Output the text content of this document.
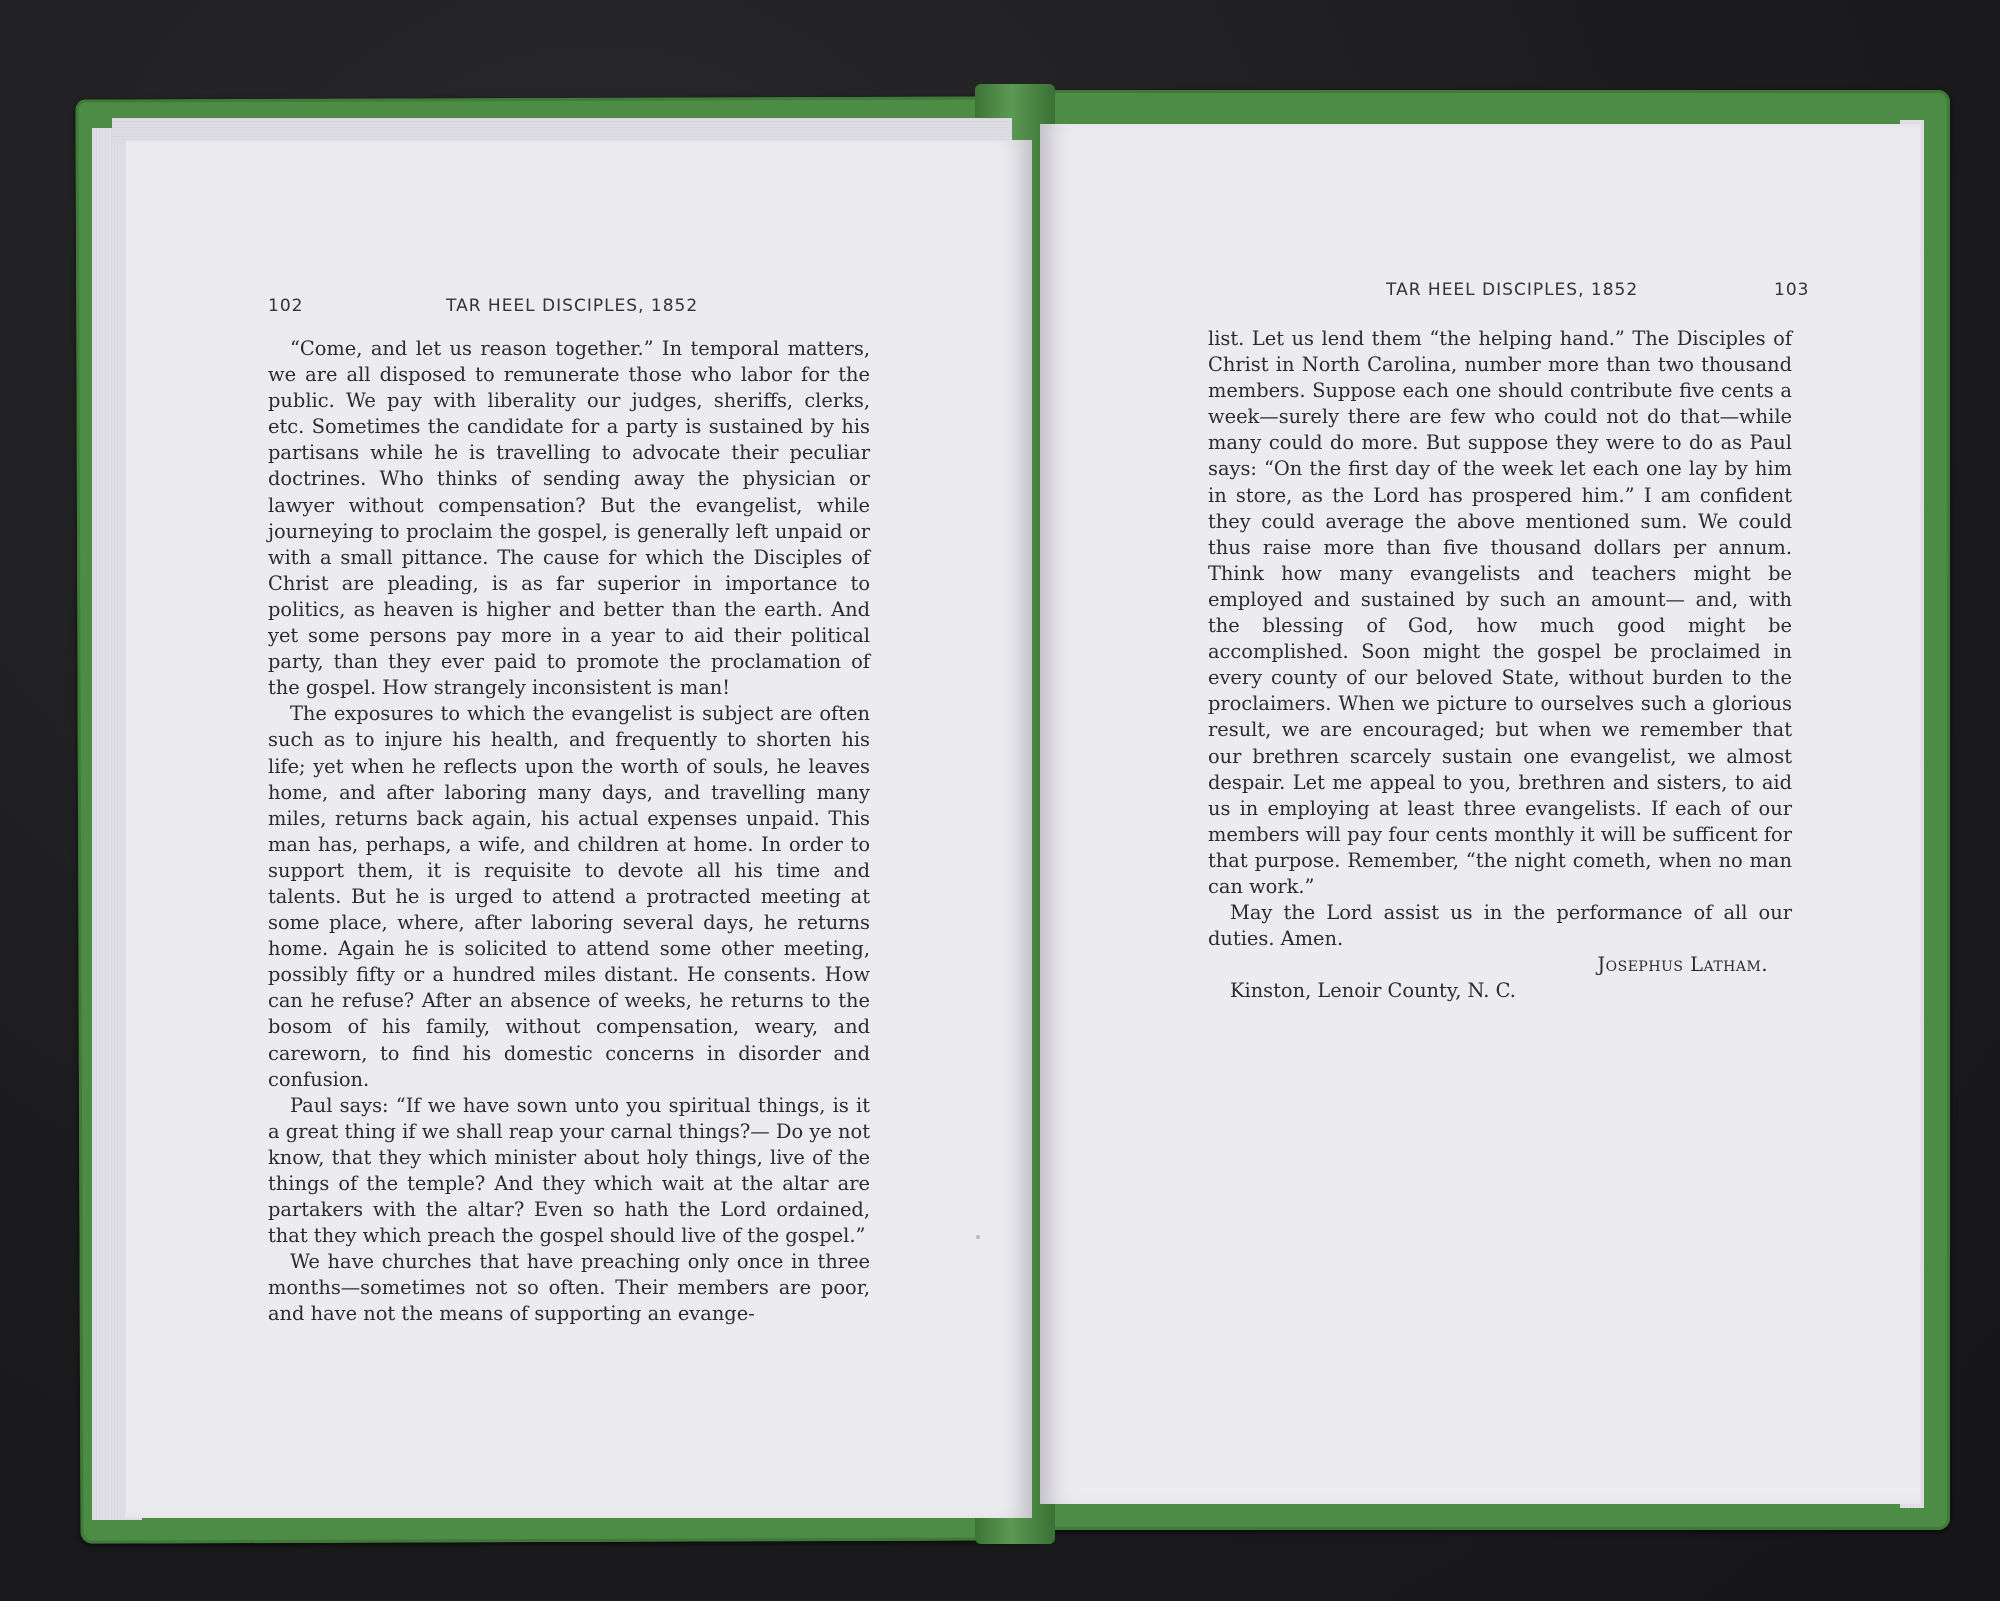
102	TAR HEEL DISCIPLES, 1852

“Come, and let us reason together.” In temporal matters, we are all disposed to remunerate those who labor for the public. We pay with liberality our judges, sheriffs, clerks, etc. Sometimes the candidate for a party is sustained by his partisans while he is travelling to advocate their peculiar doctrines. Who thinks of sending away the physician or lawyer without compensation? But the evangelist, while journeying to proclaim the gospel, is generally left unpaid or with a small pittance. The cause for which the Disciples of Christ are pleading, is as far superior in importance to politics, as heaven is higher and better than the earth. And yet some persons pay more in a year to aid their political party, than they ever paid to promote the proclamation of the gospel. How strangely inconsistent is man!

The exposures to which the evangelist is subject are often such as to injure his health, and frequently to shorten his life; yet when he reflects upon the worth of souls, he leaves home, and after laboring many days, and travelling many miles, returns back again, his actual expenses unpaid. This man has, perhaps, a wife, and children at home. In order to support them, it is requisite to devote all his time and talents. But he is urged to attend a protracted meeting at some place, where, after laboring several days, he returns home. Again he is solicited to attend some other meeting, possibly fifty or a hundred miles distant. He consents. How can he refuse? After an absence of weeks, he returns to the bosom of his family, without compensation, weary, and careworn, to find his domestic concerns in disorder and confusion.

Paul says: “If we have sown unto you spiritual things, is it a great thing if we shall reap your carnal things?— Do ye not know, that they which minister about holy things, live of the things of the temple? And they which wait at the altar are partakers with the altar? Even so hath the Lord ordained, that they which preach the gospel should live of the gospel.”

We have churches that have preaching only once in three months—sometimes not so often. Their members are poor, and have not the means of supporting an evange-

TAR HEEL DISCIPLES, 1852	103

list. Let us lend them “the helping hand.” The Disciples of Christ in North Carolina, number more than two thousand members. Suppose each one should contribute five cents a week—surely there are few who could not do that—while many could do more. But suppose they were to do as Paul says: “On the first day of the week let each one lay by him in store, as the Lord has prospered him.” I am confident they could average the above mentioned sum. We could thus raise more than five thousand dollars per annum. Think how many evangelists and teachers might be employed and sustained by such an amount— and, with the blessing of God, how much good might be accomplished. Soon might the gospel be proclaimed in every county of our beloved State, without burden to the proclaimers. When we picture to ourselves such a glorious result, we are encouraged; but when we remember that our brethren scarcely sustain one evangelist, we almost despair. Let me appeal to you, brethren and sisters, to aid us in employing at least three evangelists. If each of our members will pay four cents monthly it will be sufficent for that purpose. Remember, “the night cometh, when no man can work.”

May the Lord assist us in the performance of all our duties. Amen.

Josephus Latham.

Kinston, Lenoir County, N. C.
